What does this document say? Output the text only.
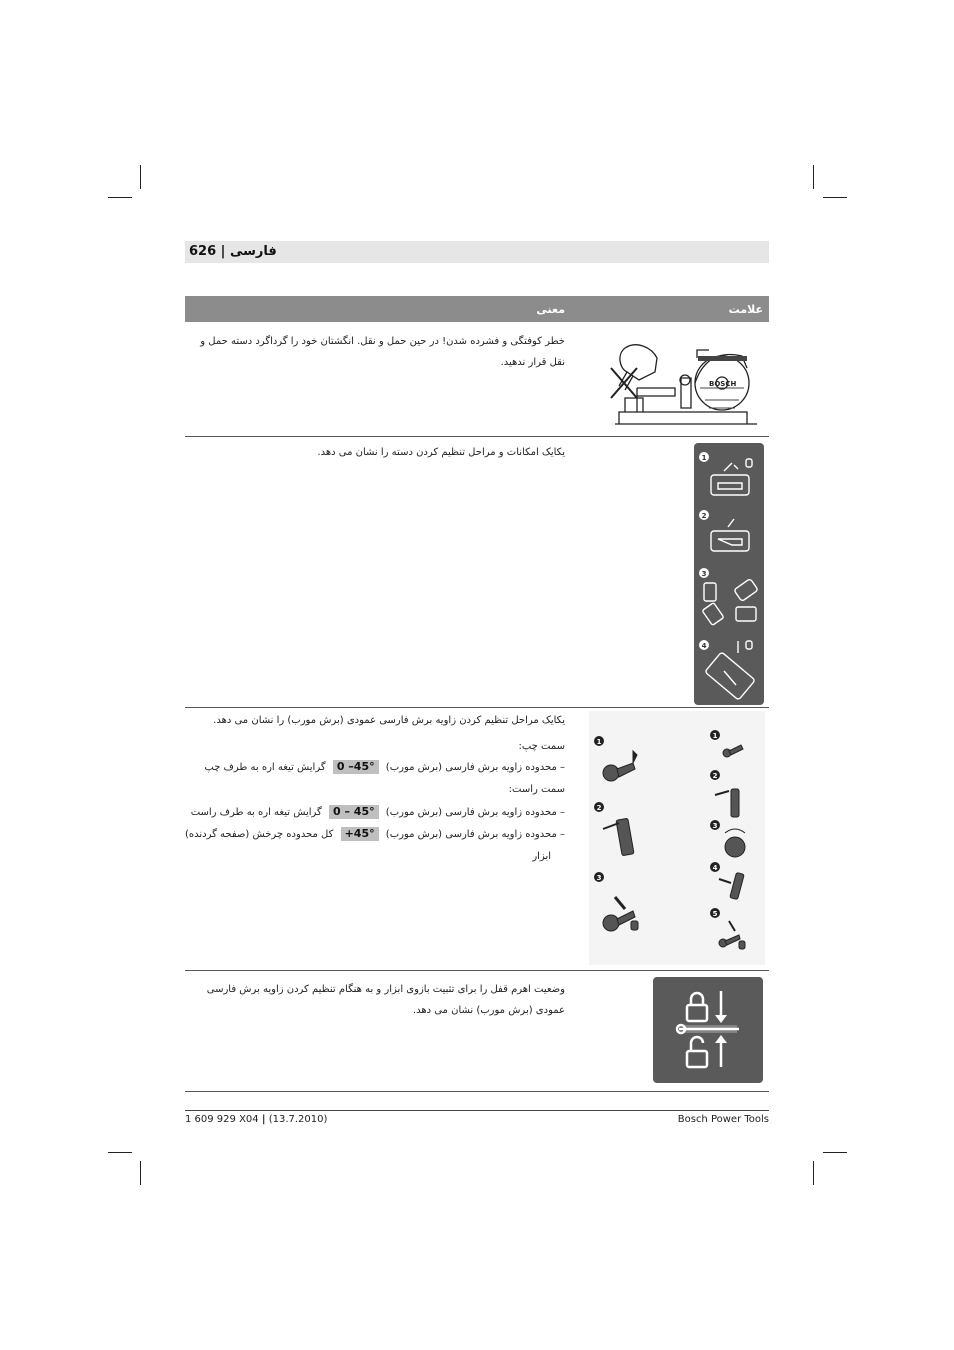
626 | فارسی
علامت
معنی
خطر کوفتگی و فشرده شدن! در حین حمل و نقل. انگشتان خود را گرداگرد دسته حمل و
نقل قرار ندهید.
BOSCH
یکایک امکانات و مراحل تنظیم کردن دسته را نشان می دهد.	1
2
3
4
یکایک مراحل تنظیم کردن زاویه برش فارسی عمودی (برش مورب) را نشان می دهد.
سمت چپ:
– محدوده زاویه برش فارسی (برش مورب) 0 –45° گرایش تیغه اره به طرف چپ
سمت راست:
– محدوده زاویه برش فارسی (برش مورب) 0 – 45° گرایش تیغه اره به طرف راست
– محدوده زاویه برش فارسی (برش مورب) +45° کل محدوده چرخش (صفحه گردنده)
ابزار
1
2
3
1
2
3
4
5
وضعیت اهرم قفل را برای تثبیت بازوی ابزار و به هنگام تنظیم کردن زاویه برش فارسی
عمودی (برش مورب) نشان می دهد.
1 609 929 X04 | (13.7.2010)	Bosch Power Tools
